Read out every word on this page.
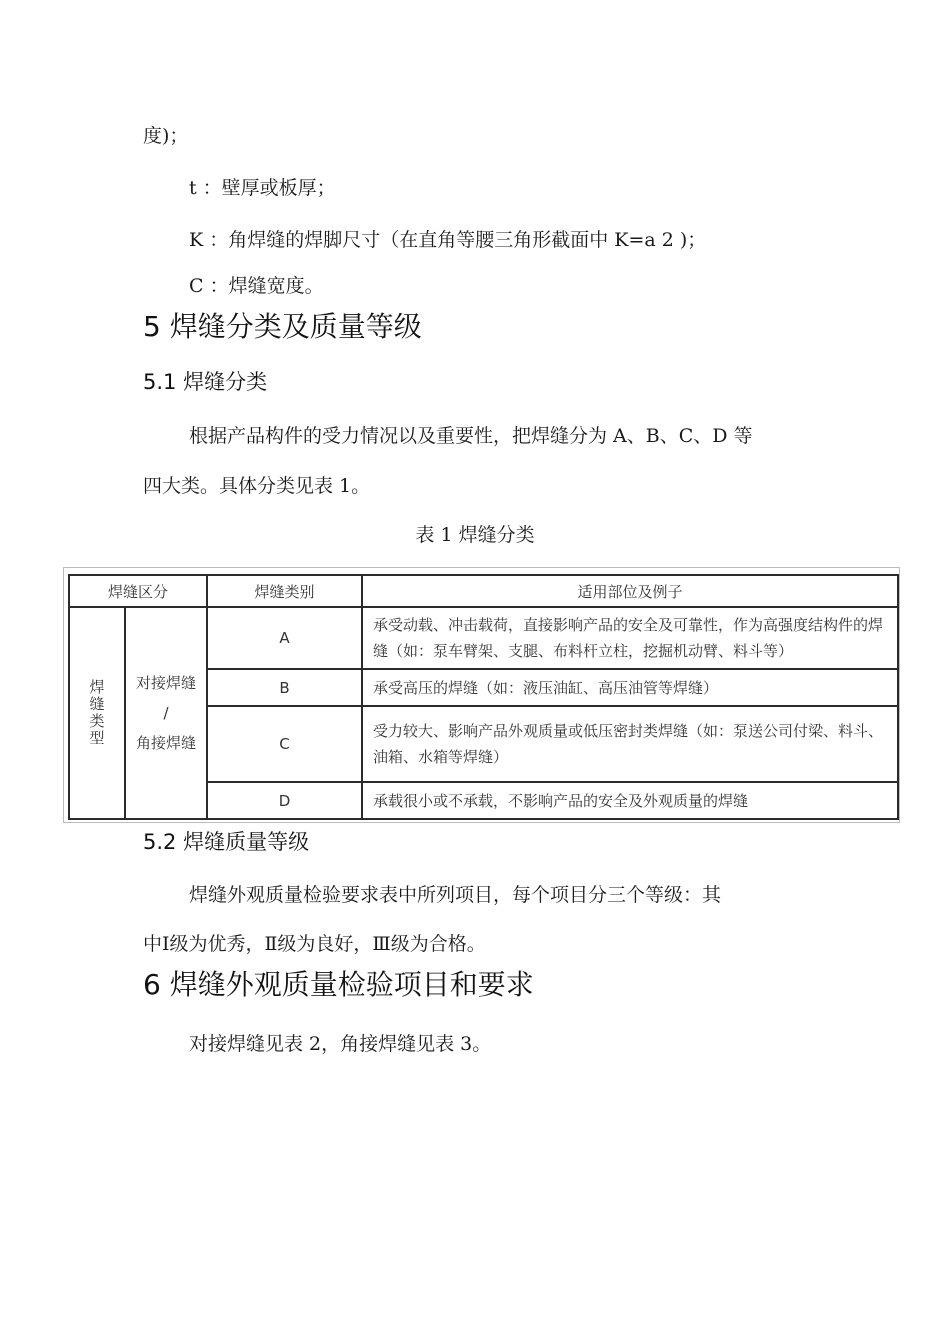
度)；
t ：壁厚或板厚；
K ：角焊缝的焊脚尺寸（在直角等腰三角形截面中 K=a 2 )；
C ：焊缝宽度。
5 焊缝分类及质量等级
5.1 焊缝分类
根据产品构件的受力情况以及重要性，把焊缝分为 A、B、C、D 等
四大类。具体分类见表 1。
表 1 焊缝分类
焊缝区分		焊缝类别	适用部位及例子
焊缝类型	对接焊缝
/
角接焊缝	A	承受动载、冲击载荷，直接影响产品的安全及可靠性，作为高强度结构件的焊缝（如：泵车臂架、支腿、布料杆立柱，挖掘机动臂、料斗等）
		B	承受高压的焊缝（如：液压油缸、高压油管等焊缝）
		C	受力较大、影响产品外观质量或低压密封类焊缝（如：泵送公司付梁、料斗、油箱、水箱等焊缝）
		D	承载很小或不承载，不影响产品的安全及外观质量的焊缝
5.2 焊缝质量等级
焊缝外观质量检验要求表中所列项目，每个项目分三个等级：其
中Ⅰ级为优秀，Ⅱ级为良好，Ⅲ级为合格。
6 焊缝外观质量检验项目和要求
对接焊缝见表 2，角接焊缝见表 3。
